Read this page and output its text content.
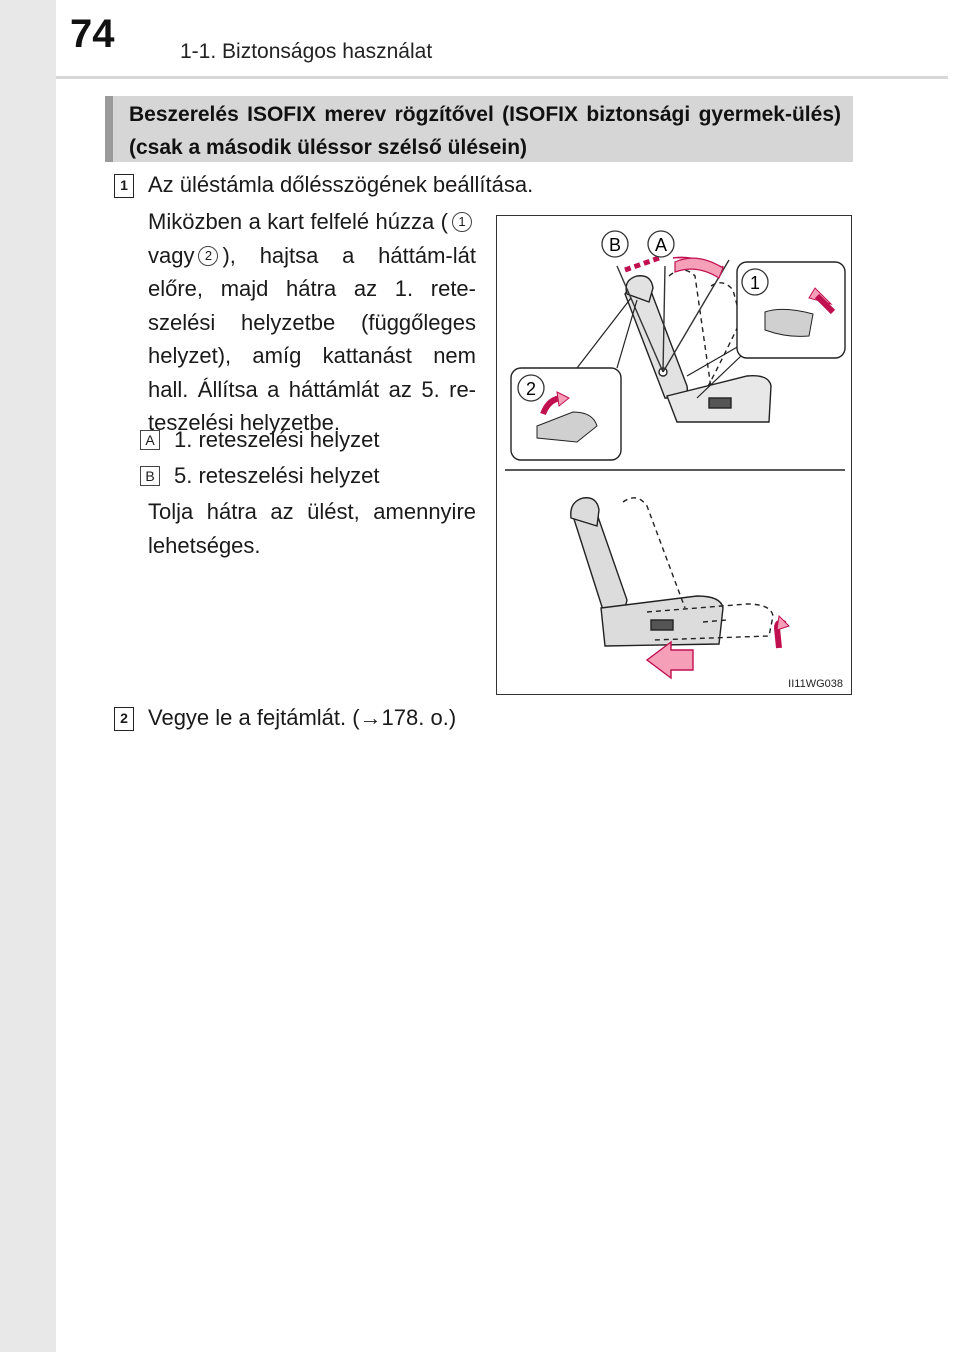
74	1-1. Biztonságos használat
Beszerelés ISOFIX merev rögzítővel (ISOFIX biztonsági gyermek-ülés) (csak a második üléssor szélső ülésein)
1 Az üléstámla dőlésszögének beállítása.
Miközben a kart felfelé húzza ( 1vagy 2 ), hajtsa a háttám-lát előre, majd hátra az 1. rete-szelési helyzetbe (függőleges helyzet), amíg kattanást nem hall. Állítsa a háttámlát az 5. re-teszelési helyzetbe.
A 1. reteszelési helyzet
B 5. reteszelési helyzet
Tolja hátra az ülést, amennyire lehetséges.
B A
1
2
II11WG038
2 Vegye le a fejtámlát. (→178. o.)
